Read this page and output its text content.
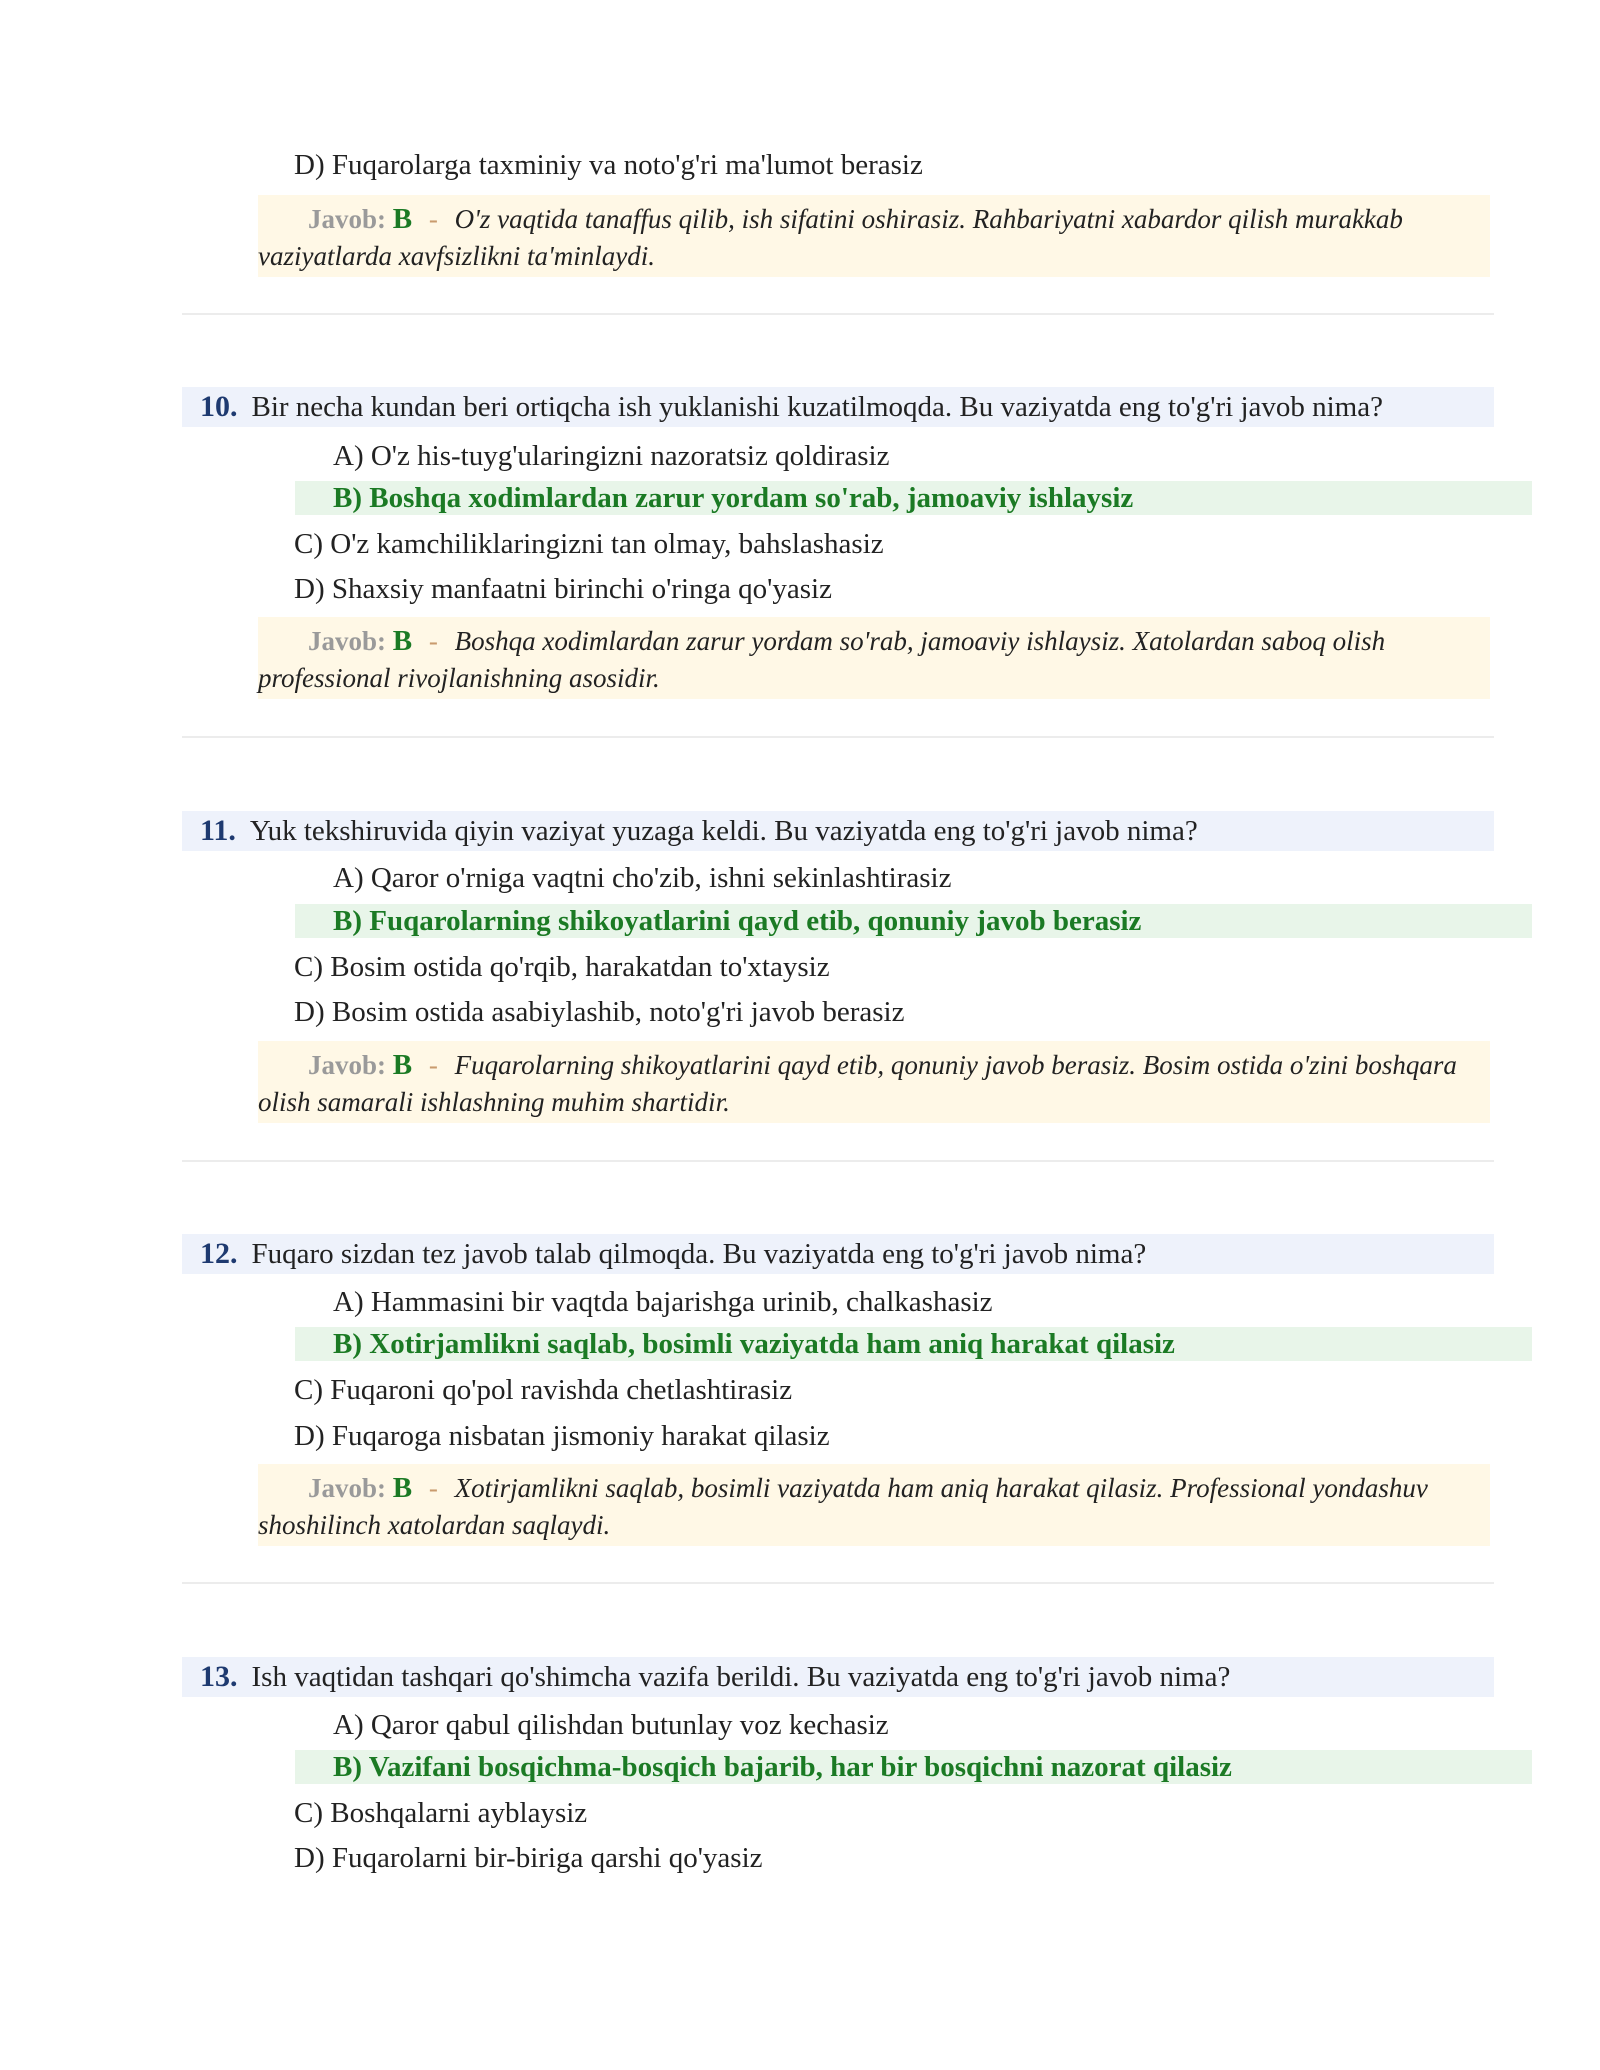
D) Fuqarolarga taxminiy va noto'g'ri ma'lumot berasiz
Javob: B - O'z vaqtida tanaffus qilib, ish sifatini oshirasiz. Rahbariyatni xabardor qilish murakkab vaziyatlarda xavfsizlikni ta'minlaydi.
10. Bir necha kundan beri ortiqcha ish yuklanishi kuzatilmoqda. Bu vaziyatda eng to'g'ri javob nima?
A) O'z his-tuyg'ularingizni nazoratsiz qoldirasiz
B) Boshqa xodimlardan zarur yordam so'rab, jamoaviy ishlaysiz
C) O'z kamchiliklaringizni tan olmay, bahslashasiz
D) Shaxsiy manfaatni birinchi o'ringa qo'yasiz
Javob: B - Boshqa xodimlardan zarur yordam so'rab, jamoaviy ishlaysiz. Xatolardan saboq olish professional rivojlanishning asosidir.
11. Yuk tekshiruvida qiyin vaziyat yuzaga keldi. Bu vaziyatda eng to'g'ri javob nima?
A) Qaror o'rniga vaqtni cho'zib, ishni sekinlashtirasiz
B) Fuqarolarning shikoyatlarini qayd etib, qonuniy javob berasiz
C) Bosim ostida qo'rqib, harakatdan to'xtaysiz
D) Bosim ostida asabiylashib, noto'g'ri javob berasiz
Javob: B - Fuqarolarning shikoyatlarini qayd etib, qonuniy javob berasiz. Bosim ostida o'zini boshqara olish samarali ishlashning muhim shartidir.
12. Fuqaro sizdan tez javob talab qilmoqda. Bu vaziyatda eng to'g'ri javob nima?
A) Hammasini bir vaqtda bajarishga urinib, chalkashasiz
B) Xotirjamlikni saqlab, bosimli vaziyatda ham aniq harakat qilasiz
C) Fuqaroni qo'pol ravishda chetlashtirasiz
D) Fuqaroga nisbatan jismoniy harakat qilasiz
Javob: B - Xotirjamlikni saqlab, bosimli vaziyatda ham aniq harakat qilasiz. Professional yondashuv shoshilinch xatolardan saqlaydi.
13. Ish vaqtidan tashqari qo'shimcha vazifa berildi. Bu vaziyatda eng to'g'ri javob nima?
A) Qaror qabul qilishdan butunlay voz kechasiz
B) Vazifani bosqichma-bosqich bajarib, har bir bosqichni nazorat qilasiz
C) Boshqalarni ayblaysiz
D) Fuqarolarni bir-biriga qarshi qo'yasiz
